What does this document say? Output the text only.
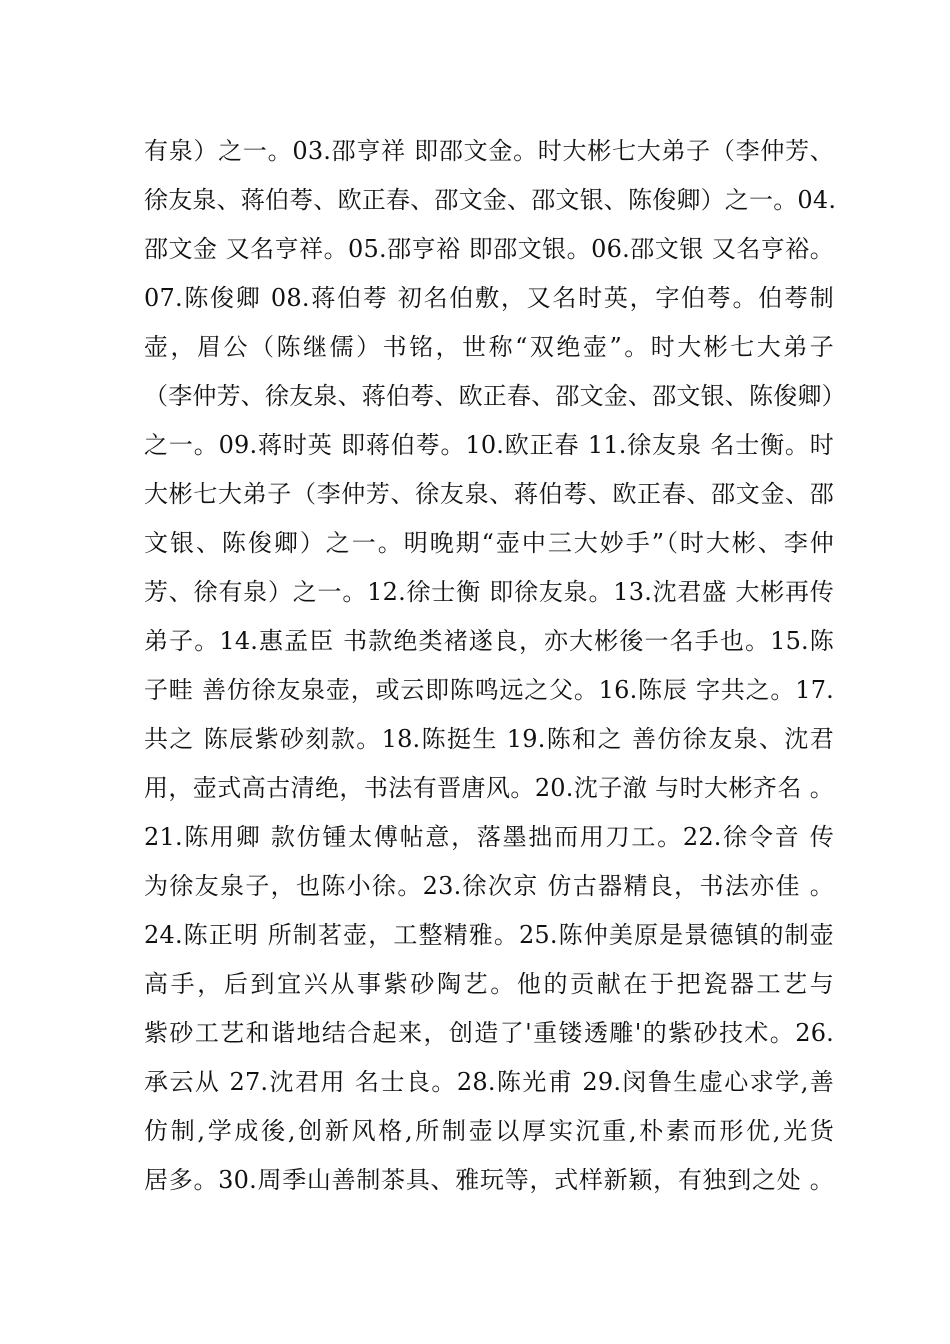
有泉）之一。03.邵亨祥 即邵文金。时大彬七大弟子（李仲芳、
徐友泉、蒋伯荂、欧正春、邵文金、邵文银、陈俊卿）之一。04.
邵文金 又名亨祥。05.邵亨裕 即邵文银。06.邵文银 又名亨裕。
07.陈俊卿 08.蒋伯荂 初名伯敷，又名时英，字伯荂。伯荂制
壶，眉公（陈继儒）书铭，世称“双绝壶”。时大彬七大弟子
（李仲芳、徐友泉、蒋伯荂、欧正春、邵文金、邵文银、陈俊卿）
之一。09.蒋时英 即蒋伯荂。10.欧正春 11.徐友泉 名士衡。时
大彬七大弟子（李仲芳、徐友泉、蒋伯荂、欧正春、邵文金、邵
文银、陈俊卿）之一。明晚期“壶中三大妙手”（时大彬、李仲
芳、徐有泉）之一。12.徐士衡 即徐友泉。13.沈君盛 大彬再传
弟子。14.惠孟臣 书款绝类褚遂良，亦大彬後一名手也。15.陈
子畦 善仿徐友泉壶，或云即陈鸣远之父。16.陈辰 字共之。17.
共之 陈辰紫砂刻款。18.陈挺生 19.陈和之 善仿徐友泉、沈君
用，壶式高古清绝，书法有晋唐风。20.沈子澈 与时大彬齐名 。
21.陈用卿 款仿锺太傅帖意，落墨拙而用刀工。22.徐令音 传
为徐友泉子，也陈小徐。23.徐次京 仿古器精良，书法亦佳 。
24.陈正明 所制茗壶，工整精雅。25.陈仲美原是景德镇的制壶
高手，后到宜兴从事紫砂陶艺。他的贡献在于把瓷器工艺与
紫砂工艺和谐地结合起来，创造了'重镂透雕'的紫砂技术。26.
承云从 27.沈君用 名士良。28.陈光甫 29.闵鲁生虚心求学,善
仿制,学成後,创新风格,所制壶以厚实沉重,朴素而形优,光货
居多。30.周季山善制茶具、雅玩等，式样新颖，有独到之处 。
